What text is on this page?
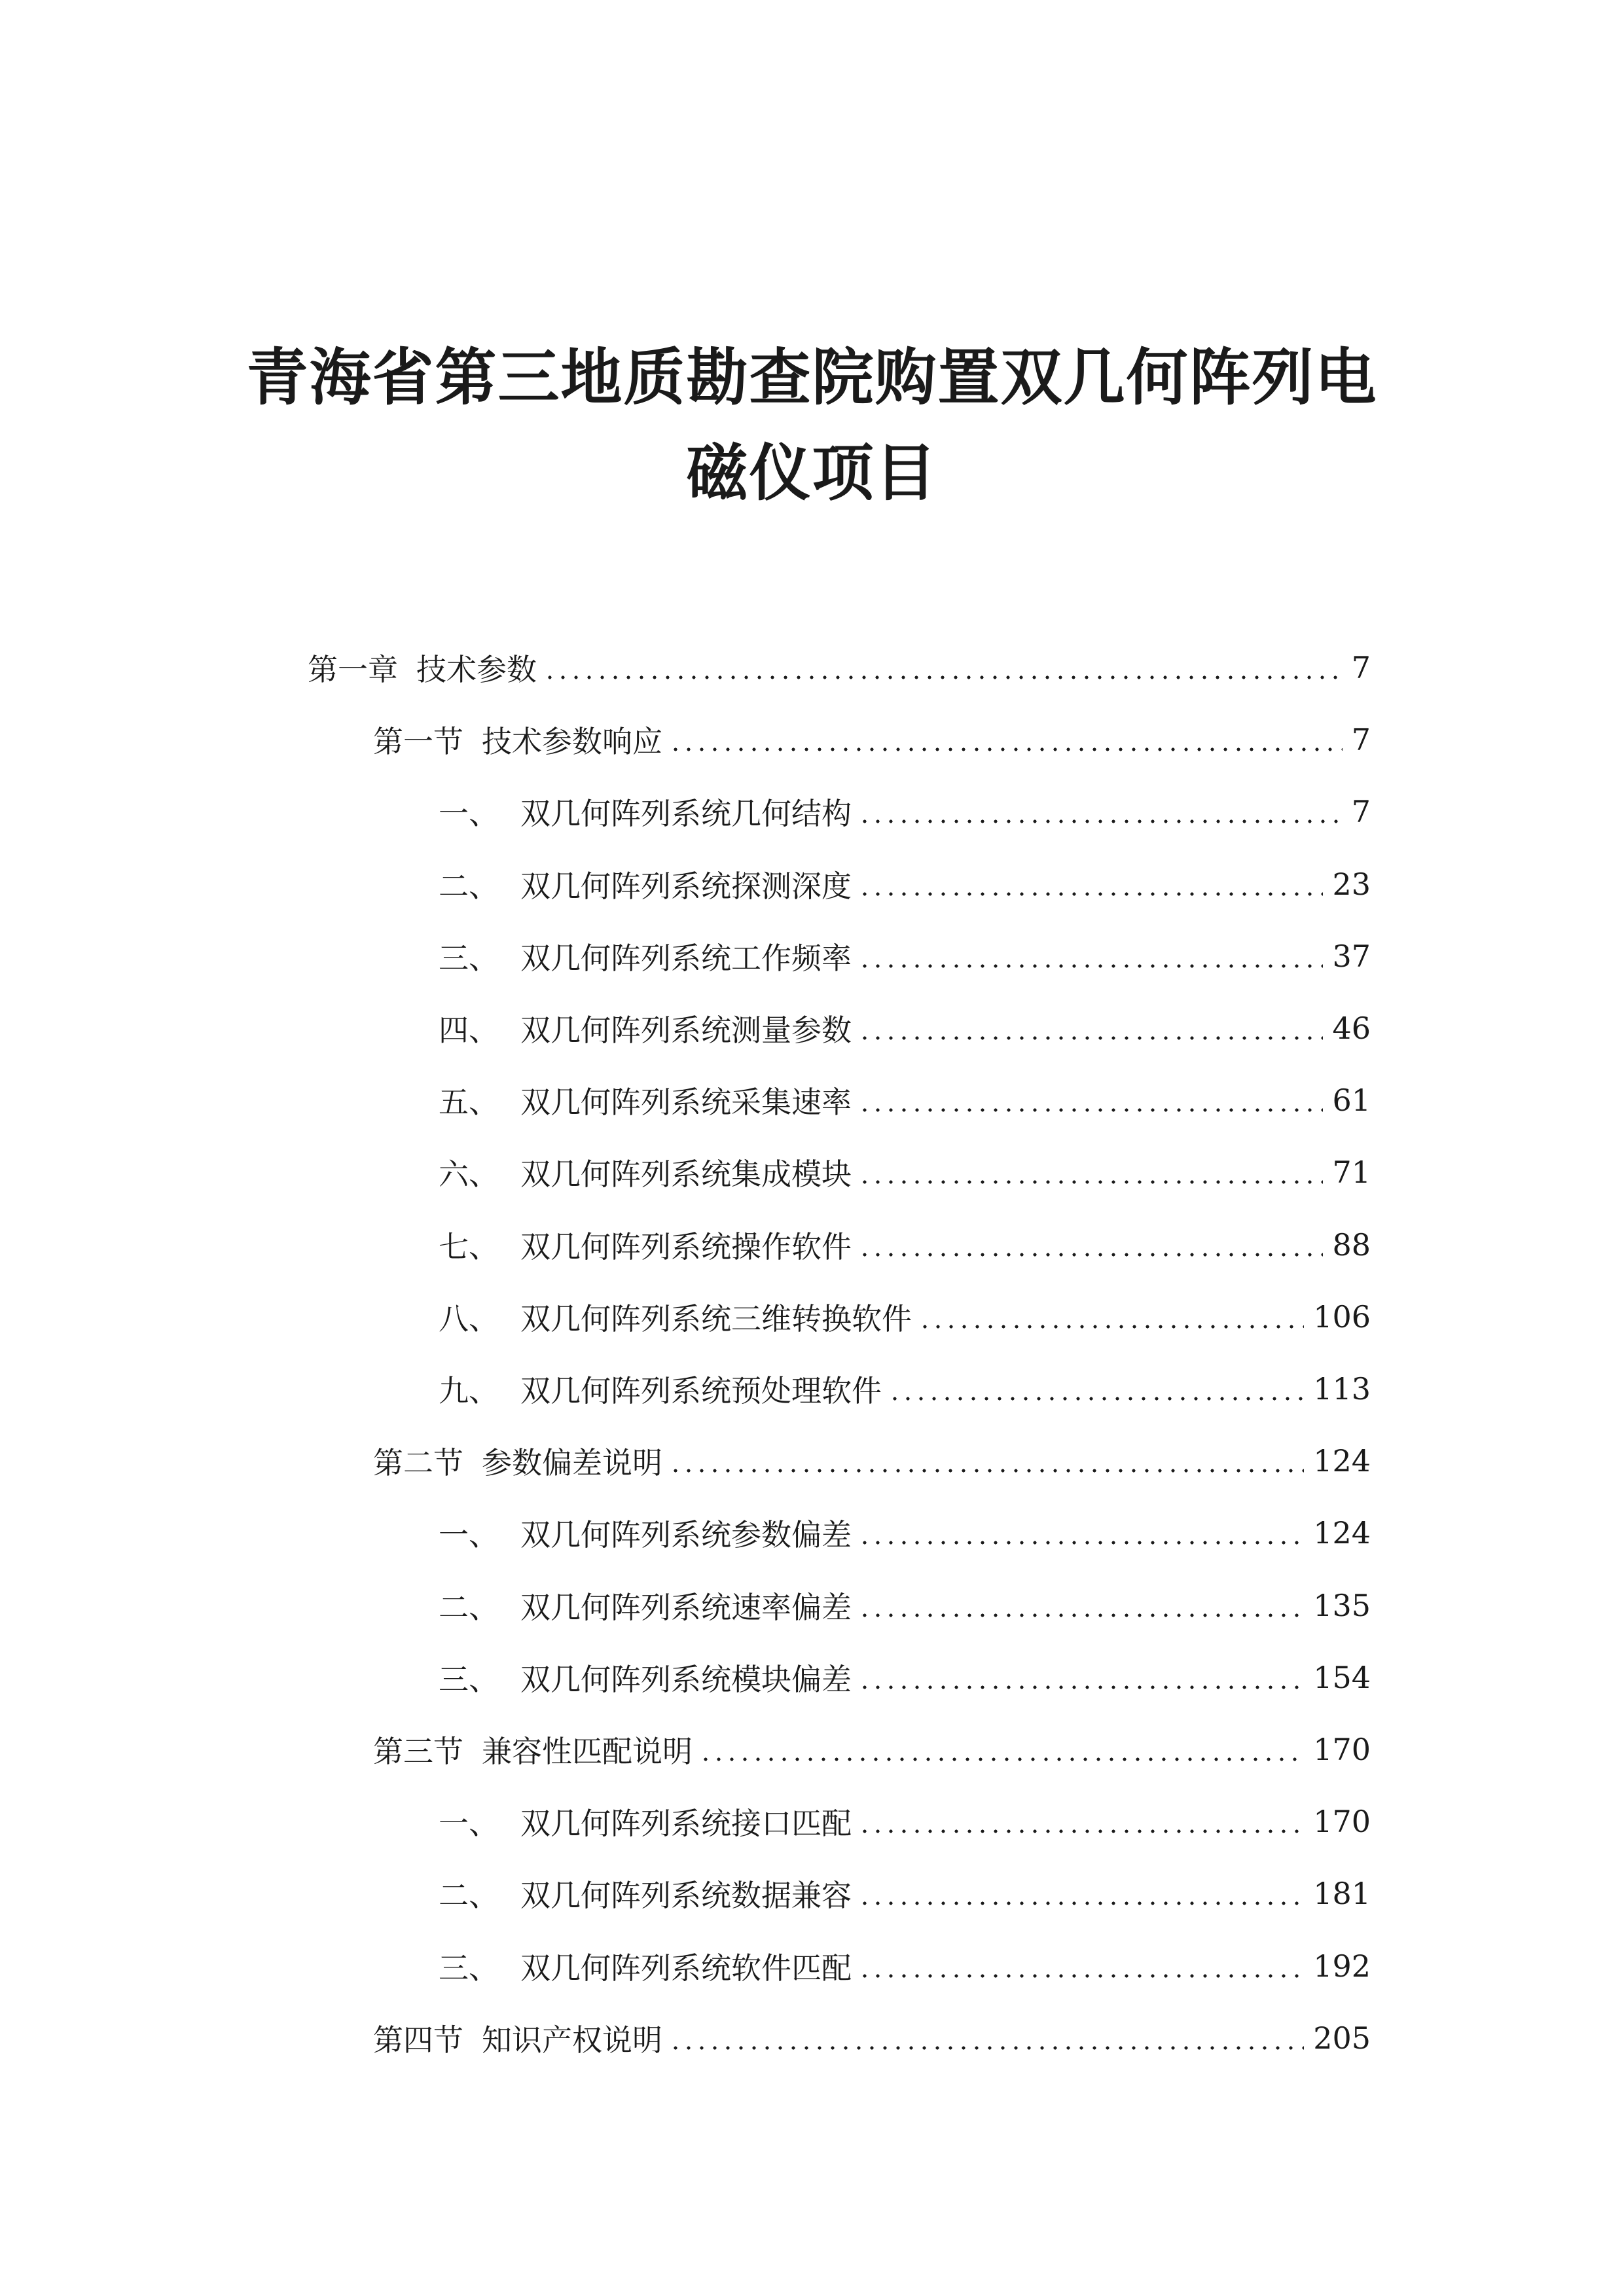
青海省第三地质勘查院购置双几何阵列电
磁仪项目
第一章 技术参数	7
第一节 技术参数响应	7
一、 双几何阵列系统几何结构	7
二、 双几何阵列系统探测深度	23
三、 双几何阵列系统工作频率	37
四、 双几何阵列系统测量参数	46
五、 双几何阵列系统采集速率	61
六、 双几何阵列系统集成模块	71
七、 双几何阵列系统操作软件	88
八、 双几何阵列系统三维转换软件	106
九、 双几何阵列系统预处理软件	113
第二节 参数偏差说明	124
一、 双几何阵列系统参数偏差	124
二、 双几何阵列系统速率偏差	135
三、 双几何阵列系统模块偏差	154
第三节 兼容性匹配说明	170
一、 双几何阵列系统接口匹配	170
二、 双几何阵列系统数据兼容	181
三、 双几何阵列系统软件匹配	192
第四节 知识产权说明	205
